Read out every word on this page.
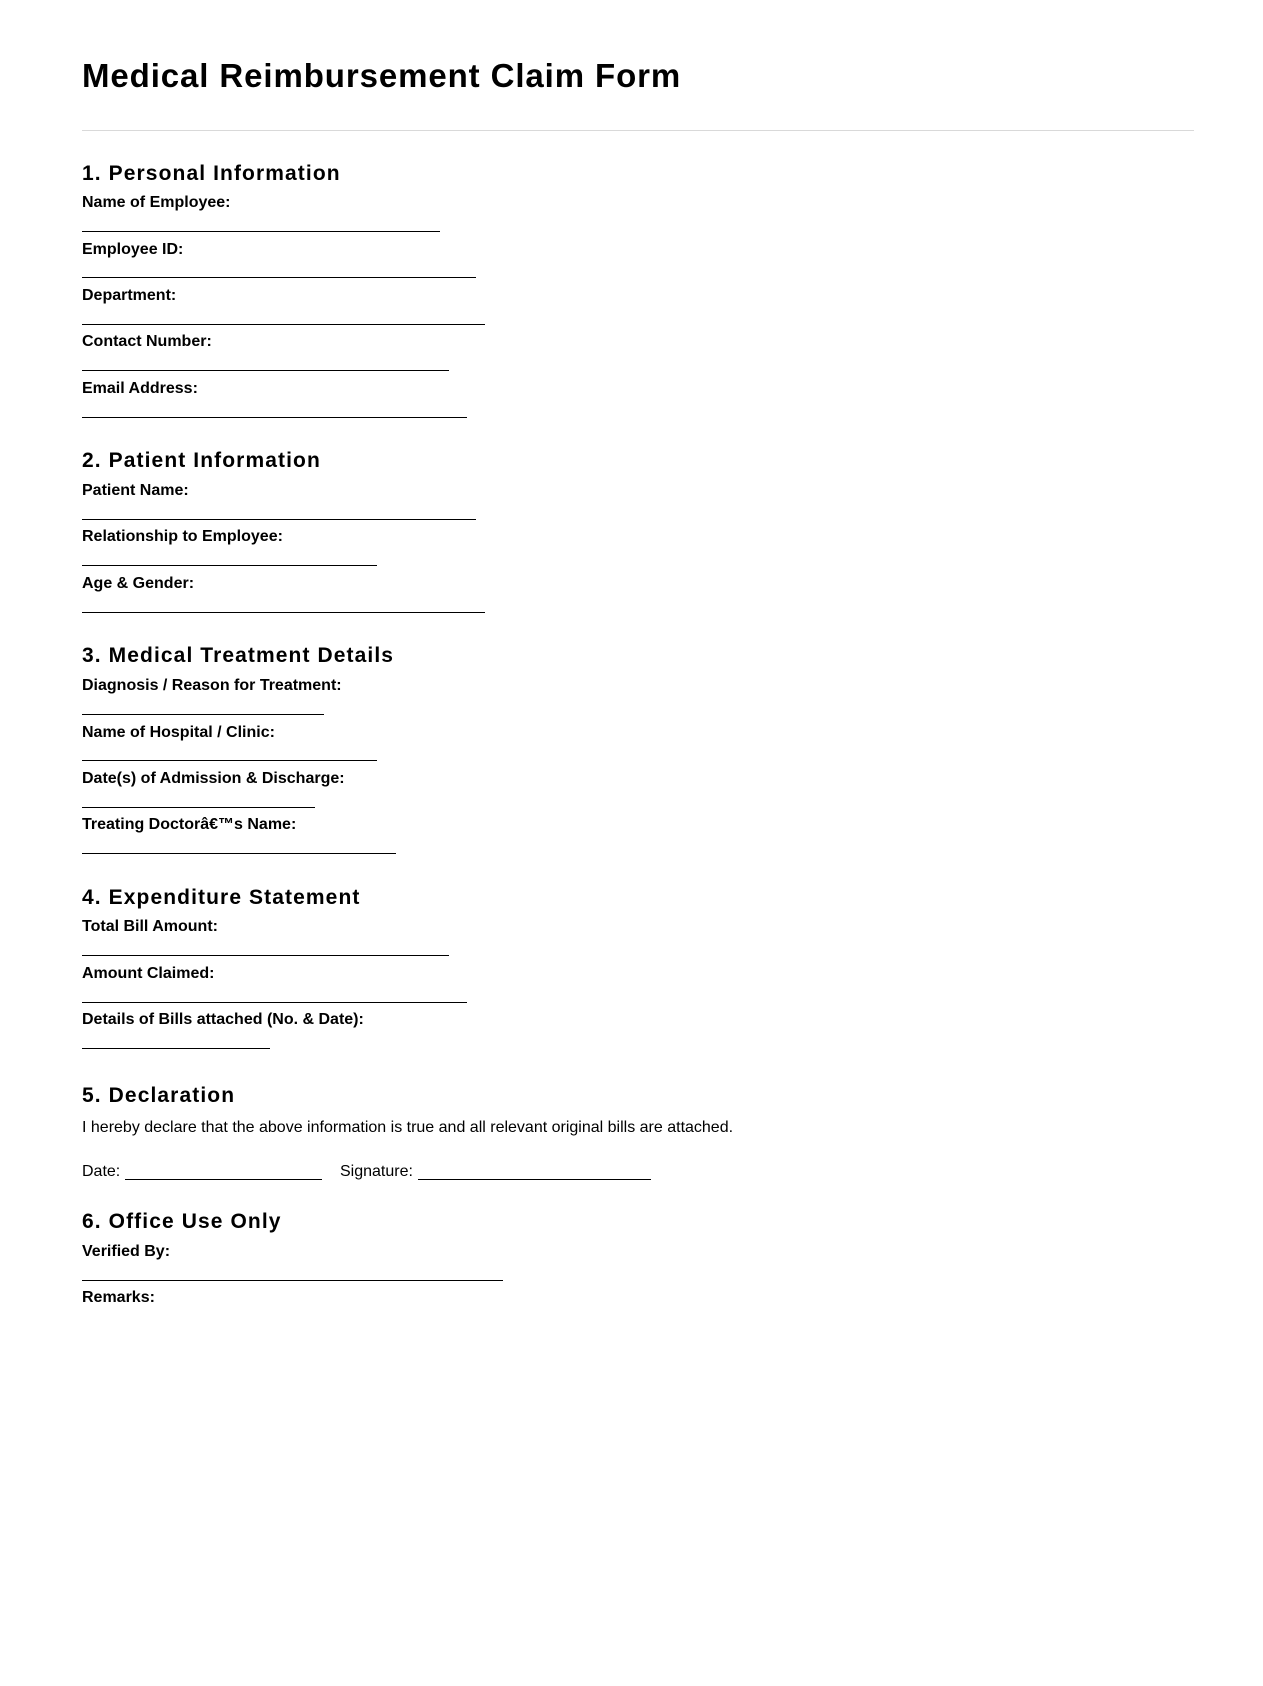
Medical Reimbursement Claim Form
1. Personal Information
Name of Employee:
Employee ID:
Department:
Contact Number:
Email Address:
2. Patient Information
Patient Name:
Relationship to Employee:
Age & Gender:
3. Medical Treatment Details
Diagnosis / Reason for Treatment:
Name of Hospital / Clinic:
Date(s) of Admission & Discharge:
Treating Doctorâ€™s Name:
4. Expenditure Statement
Total Bill Amount:
Amount Claimed:
Details of Bills attached (No. & Date):
5. Declaration
I hereby declare that the above information is true and all relevant original bills are attached.
Date:	Signature:
6. Office Use Only
Verified By:
Remarks:
